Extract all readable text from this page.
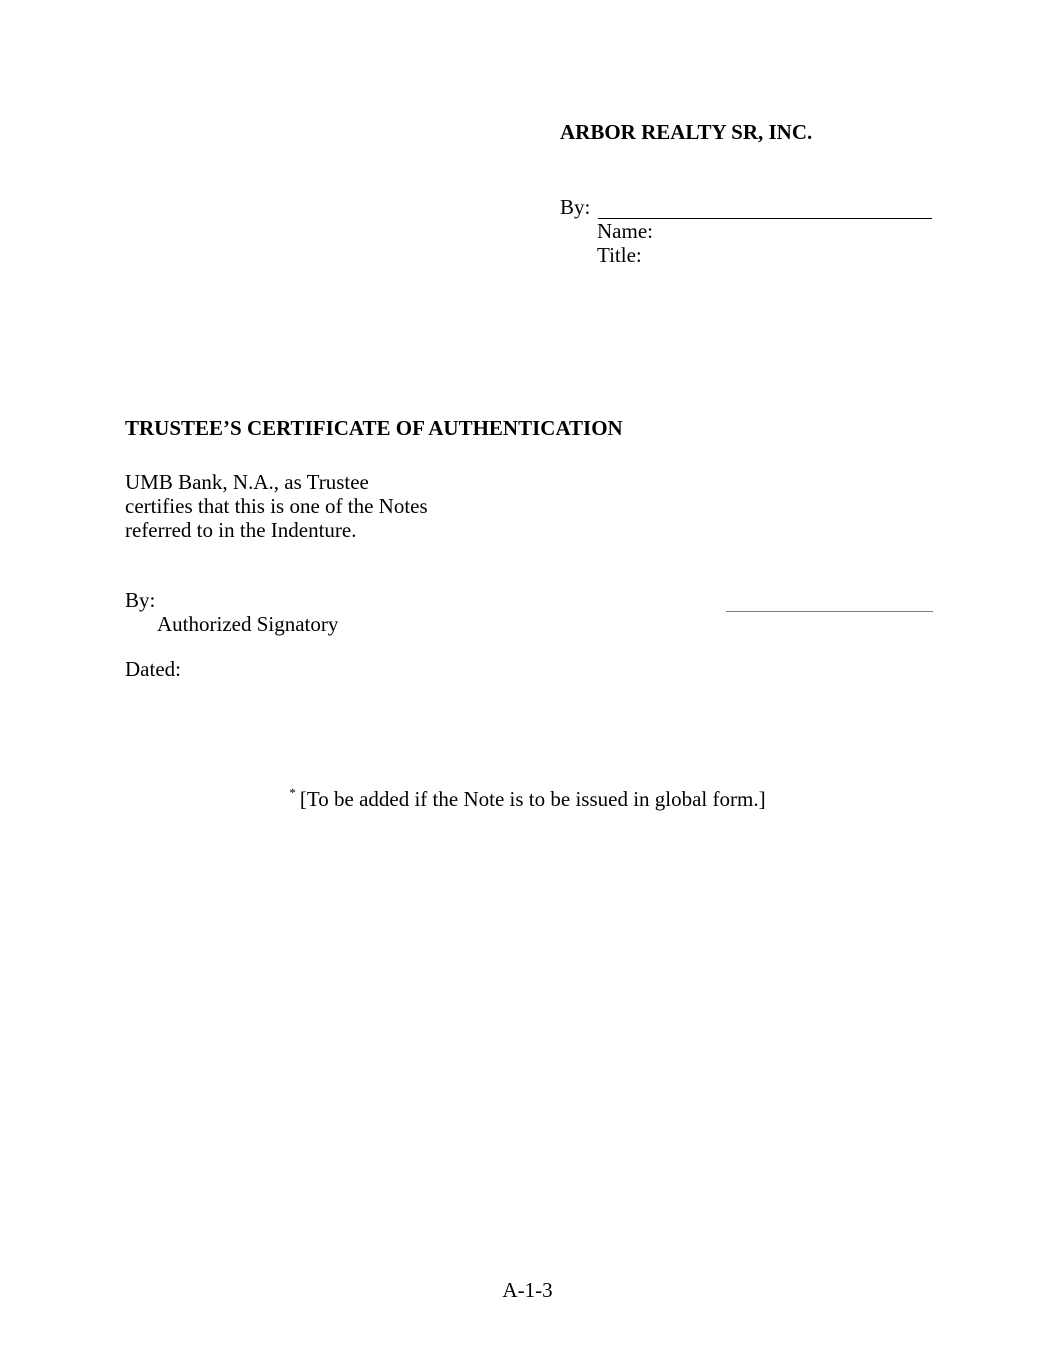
ARBOR REALTY SR, INC.
By:
Name:
Title:
TRUSTEE’S CERTIFICATE OF AUTHENTICATION
UMB Bank, N.A., as Trustee
certifies that this is one of the Notes
referred to in the Indenture.
By:
Authorized Signatory
Dated:
* [To be added if the Note is to be issued in global form.]
A-1-3
